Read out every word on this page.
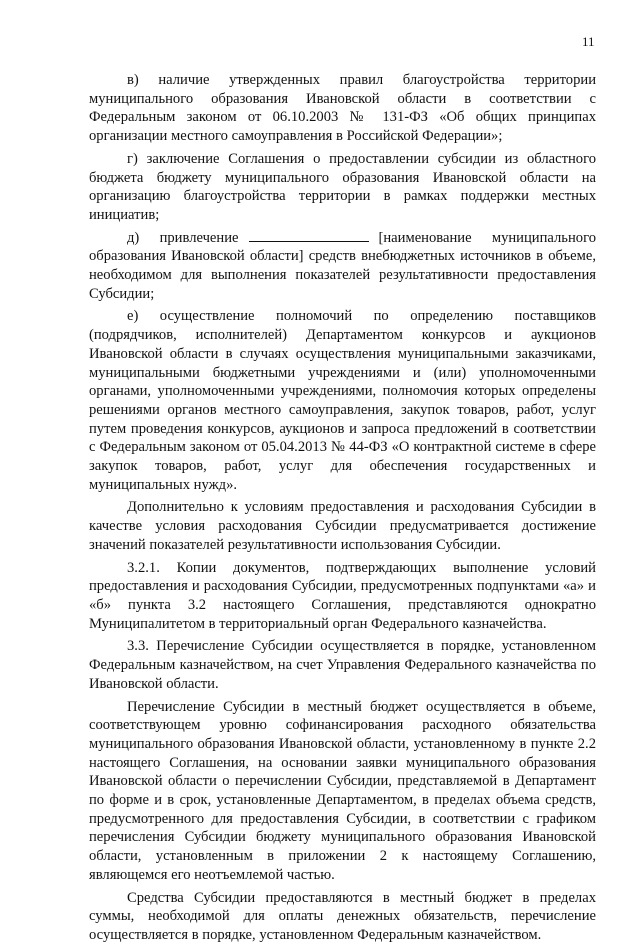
11

в) наличие утвержденных правил благоустройства территории муниципального образования Ивановской области в соответствии с Федеральным законом от 06.10.2003 № 131-ФЗ «Об общих принципах организации местного самоуправления в Российской Федерации»;

г) заключение Соглашения о предоставлении субсидии из областного бюджета бюджету муниципального образования Ивановской области на организацию благоустройства территории в рамках поддержки местных инициатив;

д) привлечение	[наименование муниципального образования Ивановской области] средств внебюджетных источников в объеме, необходимом для выполнения показателей результативности предоставления Субсидии;

е) осуществление полномочий по определению поставщиков (подрядчиков, исполнителей) Департаментом конкурсов и аукционов Ивановской области в случаях осуществления муниципальными заказчиками, муниципальными бюджетными учреждениями и (или) уполномоченными органами, уполномоченными учреждениями, полномочия которых определены решениями органов местного самоуправления, закупок товаров, работ, услуг путем проведения конкурсов, аукционов и запроса предложений в соответствии с Федеральным законом от 05.04.2013 № 44-ФЗ «О контрактной системе в сфере закупок товаров, работ, услуг для обеспечения государственных и муниципальных нужд».

Дополнительно к условиям предоставления и расходования Субсидии в качестве условия расходования Субсидии предусматривается достижение значений показателей результативности использования Субсидии.

3.2.1. Копии документов, подтверждающих выполнение условий предоставления и расходования Субсидии, предусмотренных подпунктами «а» и «б» пункта 3.2 настоящего Соглашения, представляются однократно Муниципалитетом в территориальный орган Федерального казначейства.

3.3. Перечисление Субсидии осуществляется в порядке, установленном Федеральным казначейством, на счет Управления Федерального казначейства по Ивановской области.

Перечисление Субсидии в местный бюджет осуществляется в объеме, соответствующем уровню софинансирования расходного обязательства муниципального образования Ивановской области, установленному в пункте 2.2 настоящего Соглашения, на основании заявки муниципального образования Ивановской области о перечислении Субсидии, представляемой в Департамент по форме и в срок, установленные Департаментом, в пределах объема средств, предусмотренного для предоставления Субсидии, в соответствии с графиком перечисления Субсидии бюджету муниципального образования Ивановской области, установленным в приложении 2 к настоящему Соглашению, являющемся его неотъемлемой частью.

Средства Субсидии предоставляются в местный бюджет в пределах суммы, необходимой для оплаты денежных обязательств, перечисление осуществляется в порядке, установленном Федеральным казначейством.
